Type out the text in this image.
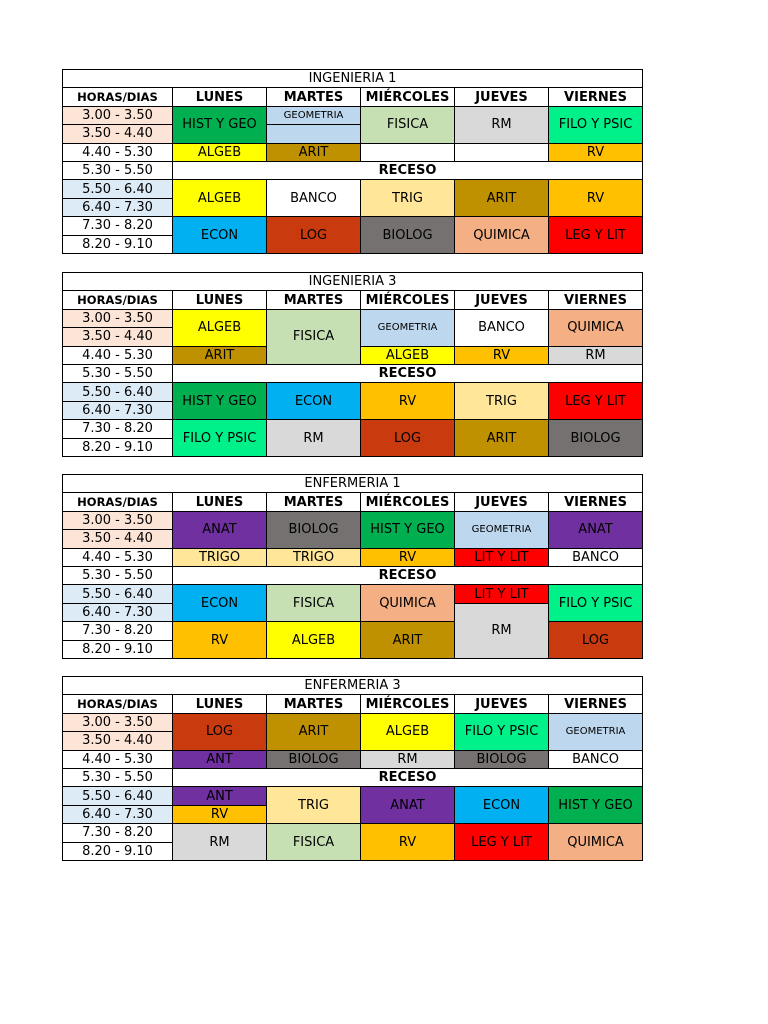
INGENIERIA 1					
HORAS/DIAS	LUNES	MARTES	MIÉRCOLES	JUEVES	VIERNES
3.00 - 3.50	HIST Y GEO	GEOMETRIA	FISICA	RM	FILO Y PSIC
3.50 - 4.40					
4.40 - 5.30	ALGEB	ARIT			RV
5.30 - 5.50	RECESO				
5.50 - 6.40	ALGEB	BANCO	TRIG	ARIT	RV
6.40 - 7.30					
7.30 - 8.20	ECON	LOG	BIOLOG	QUIMICA	LEG Y LIT
8.20 - 9.10					
INGENIERIA 3					
HORAS/DIAS	LUNES	MARTES	MIÉRCOLES	JUEVES	VIERNES
3.00 - 3.50	ALGEB	FISICA	GEOMETRIA	BANCO	QUIMICA
3.50 - 4.40					
4.40 - 5.30	ARIT		ALGEB	RV	RM
5.30 - 5.50	RECESO				
5.50 - 6.40	HIST Y GEO	ECON	RV	TRIG	LEG Y LIT
6.40 - 7.30					
7.30 - 8.20	FILO Y PSIC	RM	LOG	ARIT	BIOLOG
8.20 - 9.10					
ENFERMERIA 1					
HORAS/DIAS	LUNES	MARTES	MIÉRCOLES	JUEVES	VIERNES
3.00 - 3.50	ANAT	BIOLOG	HIST Y GEO	GEOMETRIA	ANAT
3.50 - 4.40					
4.40 - 5.30	TRIGO	TRIGO	RV	LIT Y LIT	BANCO
5.30 - 5.50	RECESO				
5.50 - 6.40	ECON	FISICA	QUIMICA	LIT Y LIT	FILO Y PSIC
6.40 - 7.30				RM	
7.30 - 8.20	RV	ALGEB	ARIT		LOG
8.20 - 9.10					
ENFERMERIA 3					
HORAS/DIAS	LUNES	MARTES	MIÉRCOLES	JUEVES	VIERNES
3.00 - 3.50	LOG	ARIT	ALGEB	FILO Y PSIC	GEOMETRIA
3.50 - 4.40					
4.40 - 5.30	ANT	BIOLOG	RM	BIOLOG	BANCO
5.30 - 5.50	RECESO				
5.50 - 6.40	ANT	TRIG	ANAT	ECON	HIST Y GEO
6.40 - 7.30	RV				
7.30 - 8.20	RM	FISICA	RV	LEG Y LIT	QUIMICA
8.20 - 9.10					
